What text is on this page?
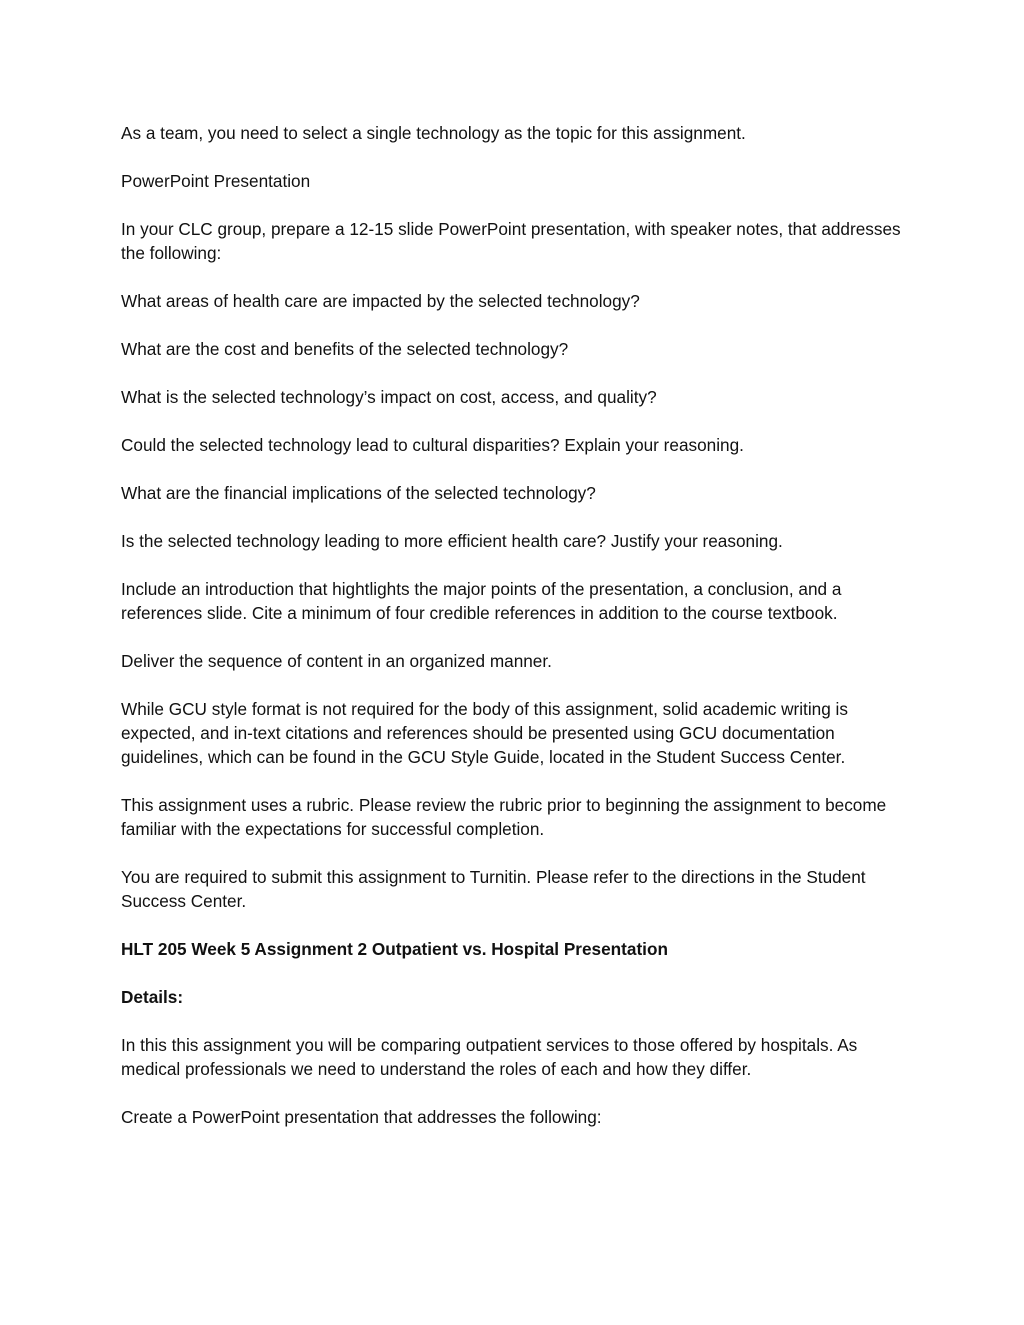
As a team, you need to select a single technology as the topic for this assignment.

PowerPoint Presentation

In your CLC group, prepare a 12-15 slide PowerPoint presentation, with speaker notes, that addresses the following:

What areas of health care are impacted by the selected technology?

What are the cost and benefits of the selected technology?

What is the selected technology’s impact on cost, access, and quality?

Could the selected technology lead to cultural disparities? Explain your reasoning.

What are the financial implications of the selected technology?

Is the selected technology leading to more efficient health care? Justify your reasoning.

Include an introduction that hightlights the major points of the presentation, a conclusion, and a references slide. Cite a minimum of four credible references in addition to the course textbook.

Deliver the sequence of content in an organized manner.

While GCU style format is not required for the body of this assignment, solid academic writing is expected, and in-text citations and references should be presented using GCU documentation guidelines, which can be found in the GCU Style Guide, located in the Student Success Center.

This assignment uses a rubric. Please review the rubric prior to beginning the assignment to become familiar with the expectations for successful completion.

You are required to submit this assignment to Turnitin. Please refer to the directions in the Student Success Center.

HLT 205 Week 5 Assignment 2 Outpatient vs. Hospital Presentation

Details:

In this this assignment you will be comparing outpatient services to those offered by hospitals. As medical professionals we need to understand the roles of each and how they differ.

Create a PowerPoint presentation that addresses the following:
